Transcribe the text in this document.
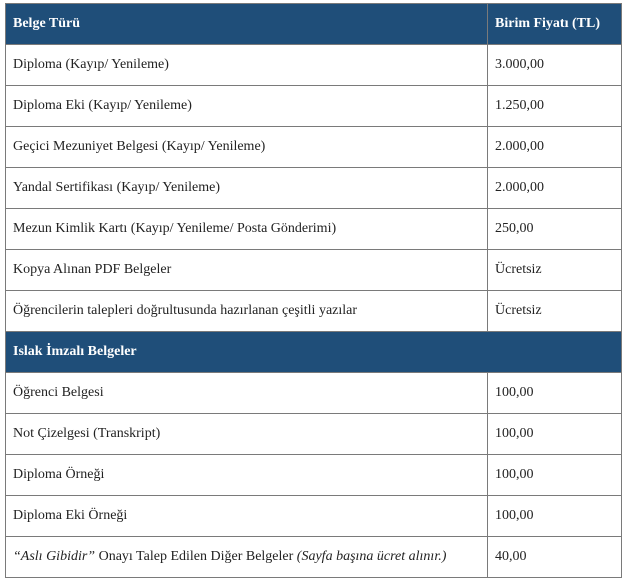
Belge Türü	Birim Fiyatı (TL)
Diploma (Kayıp/ Yenileme)	3.000,00
Diploma Eki (Kayıp/ Yenileme)	1.250,00
Geçici Mezuniyet Belgesi (Kayıp/ Yenileme)	2.000,00
Yandal Sertifikası (Kayıp/ Yenileme)	2.000,00
Mezun Kimlik Kartı (Kayıp/ Yenileme/ Posta Gönderimi)	250,00
Kopya Alınan PDF Belgeler	Ücretsiz
Öğrencilerin talepleri doğrultusunda hazırlanan çeşitli yazılar	Ücretsiz
Islak İmzalı Belgeler	
Öğrenci Belgesi	100,00
Not Çizelgesi (Transkript)	100,00
Diploma Örneği	100,00
Diploma Eki Örneği	100,00
“Aslı Gibidir” Onayı Talep Edilen Diğer Belgeler (Sayfa başına ücret alınır.)	40,00
